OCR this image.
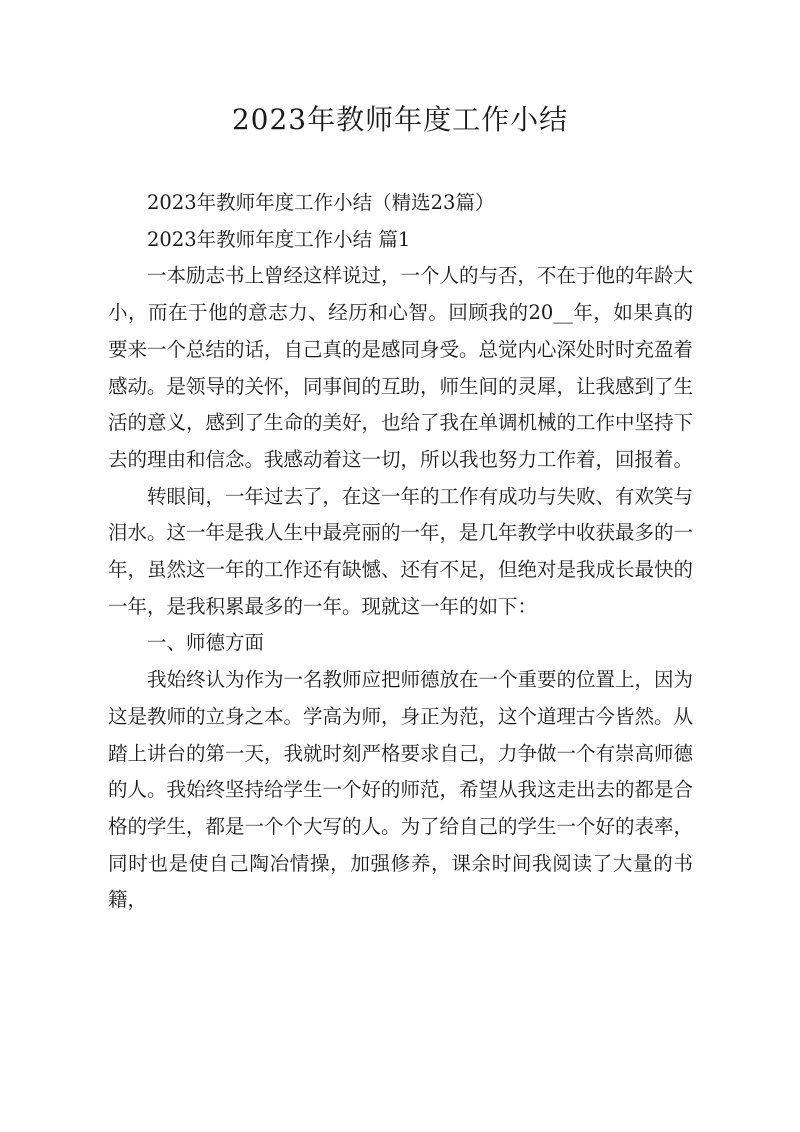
2023年教师年度工作小结

2023年教师年度工作小结（精选23篇）

2023年教师年度工作小结 篇1

一本励志书上曾经这样说过，一个人的与否，不在于他的年龄大小，而在于他的意志力、经历和心智。回顾我的20__年，如果真的要来一个总结的话，自己真的是感同身受。总觉内心深处时时充盈着感动。是领导的关怀，同事间的互助，师生间的灵犀，让我感到了生活的意义，感到了生命的美好，也给了我在单调机械的工作中坚持下去的理由和信念。我感动着这一切，所以我也努力工作着，回报着。

转眼间，一年过去了，在这一年的工作有成功与失败、有欢笑与泪水。这一年是我人生中最亮丽的一年，是几年教学中收获最多的一年，虽然这一年的工作还有缺憾、还有不足，但绝对是我成长最快的一年，是我积累最多的一年。现就这一年的如下：

一、师德方面

我始终认为作为一名教师应把师德放在一个重要的位置上，因为这是教师的立身之本。学高为师，身正为范，这个道理古今皆然。从踏上讲台的第一天，我就时刻严格要求自己，力争做一个有崇高师德的人。我始终坚持给学生一个好的师范，希望从我这走出去的都是合格的学生，都是一个个大写的人。为了给自己的学生一个好的表率，同时也是使自己陶冶情操，加强修养，课余时间我阅读了大量的书籍，
